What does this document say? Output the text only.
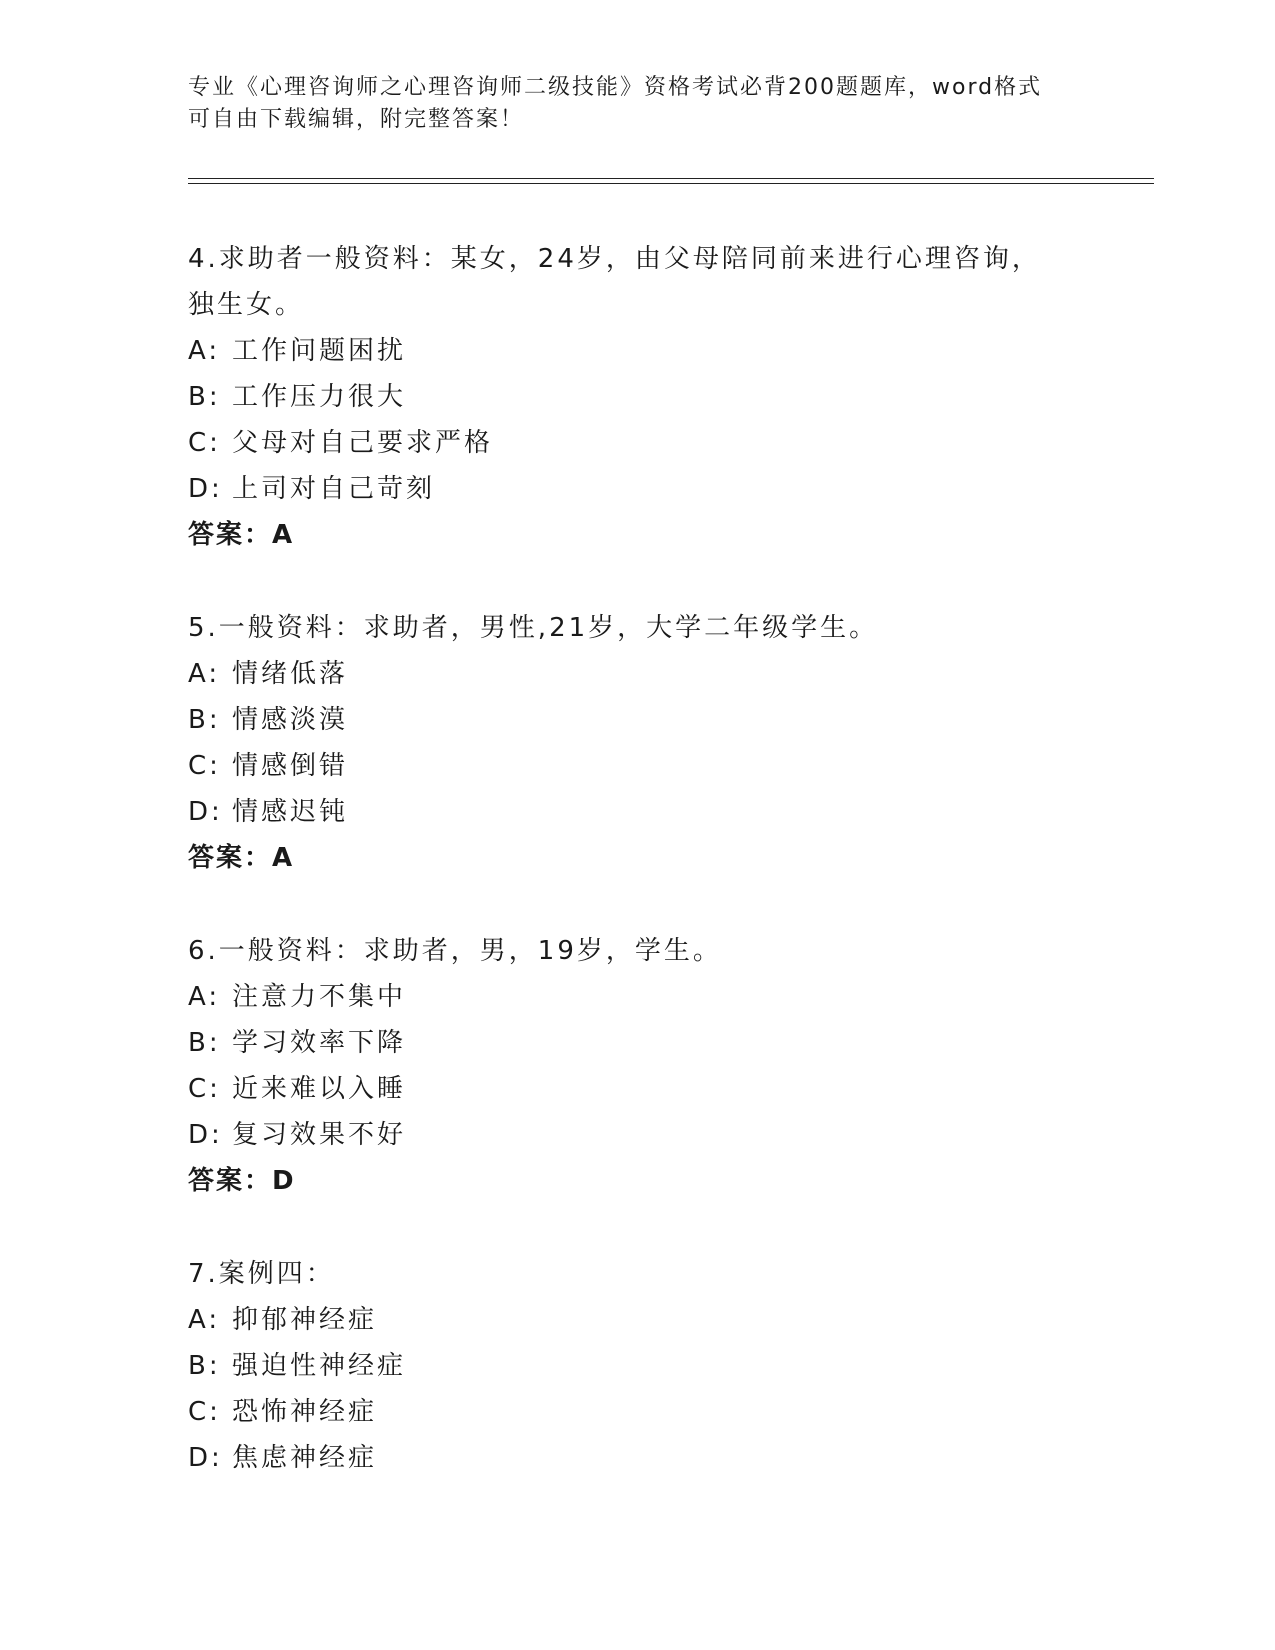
专业《心理咨询师之心理咨询师二级技能》资格考试必背200题题库，word格式
可自由下载编辑，附完整答案！
4.求助者一般资料：某女，24岁，由父母陪同前来进行心理咨询，独生女。
A: 工作问题困扰
B: 工作压力很大
C: 父母对自己要求严格
D: 上司对自己苛刻
答案：A
5.一般资料：求助者，男性,21岁，大学二年级学生。
A: 情绪低落
B: 情感淡漠
C: 情感倒错
D: 情感迟钝
答案：A
6.一般资料：求助者，男，19岁，学生。
A: 注意力不集中
B: 学习效率下降
C: 近来难以入睡
D: 复习效果不好
答案：D
7.案例四：
A: 抑郁神经症
B: 强迫性神经症
C: 恐怖神经症
D: 焦虑神经症
